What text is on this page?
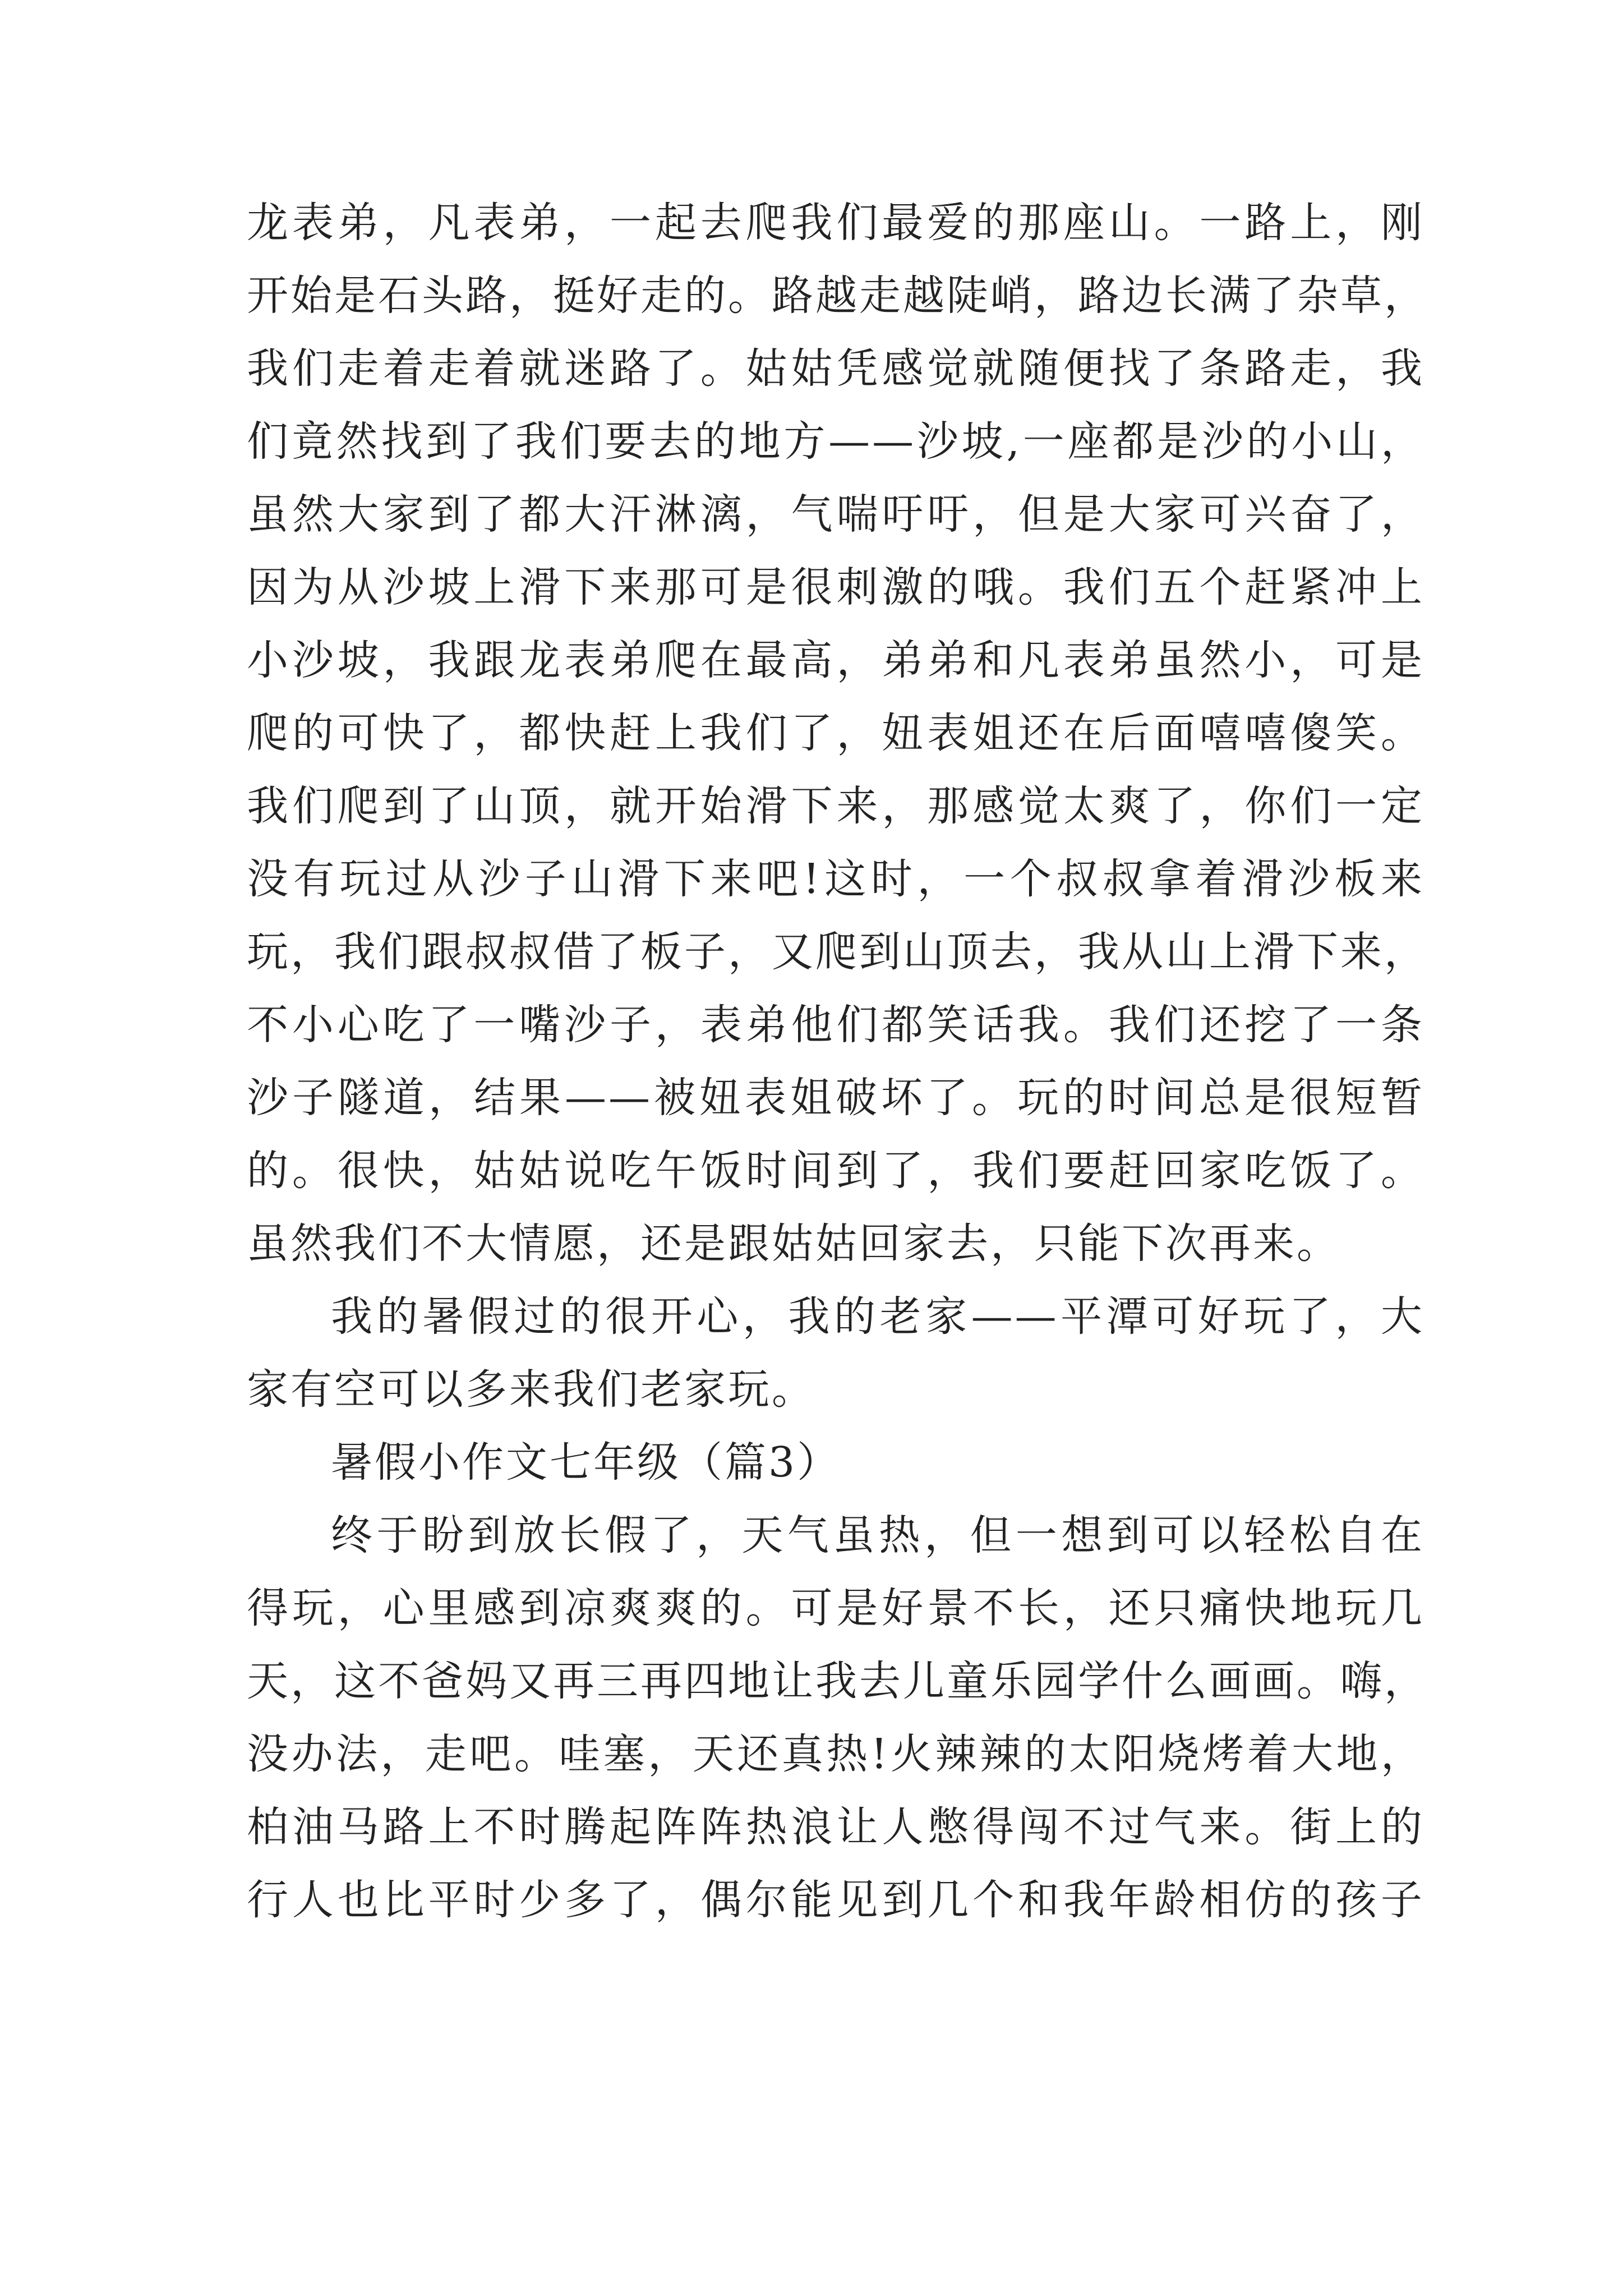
龙表弟，凡表弟，一起去爬我们最爱的那座山。一路上，刚
开始是石头路，挺好走的。路越走越陡峭，路边长满了杂草，
我们走着走着就迷路了。姑姑凭感觉就随便找了条路走，我
们竟然找到了我们要去的地方——沙坡,一座都是沙的小山，
虽然大家到了都大汗淋漓，气喘吁吁，但是大家可兴奋了，
因为从沙坡上滑下来那可是很刺激的哦。我们五个赶紧冲上
小沙坡，我跟龙表弟爬在最高，弟弟和凡表弟虽然小，可是
爬的可快了，都快赶上我们了，妞表姐还在后面嘻嘻傻笑。
我们爬到了山顶，就开始滑下来，那感觉太爽了，你们一定
没有玩过从沙子山滑下来吧!这时，一个叔叔拿着滑沙板来
玩，我们跟叔叔借了板子，又爬到山顶去，我从山上滑下来，
不小心吃了一嘴沙子，表弟他们都笑话我。我们还挖了一条
沙子隧道，结果——被妞表姐破坏了。玩的时间总是很短暂
的。很快，姑姑说吃午饭时间到了，我们要赶回家吃饭了。
虽然我们不大情愿，还是跟姑姑回家去，只能下次再来。
我的暑假过的很开心，我的老家——平潭可好玩了，大
家有空可以多来我们老家玩。
暑假小作文七年级（篇3）
终于盼到放长假了，天气虽热，但一想到可以轻松自在
得玩，心里感到凉爽爽的。可是好景不长，还只痛快地玩几
天，这不爸妈又再三再四地让我去儿童乐园学什么画画。嗨，
没办法，走吧。哇塞，天还真热!火辣辣的太阳烧烤着大地，
柏油马路上不时腾起阵阵热浪让人憋得闯不过气来。街上的
行人也比平时少多了，偶尔能见到几个和我年龄相仿的孩子
